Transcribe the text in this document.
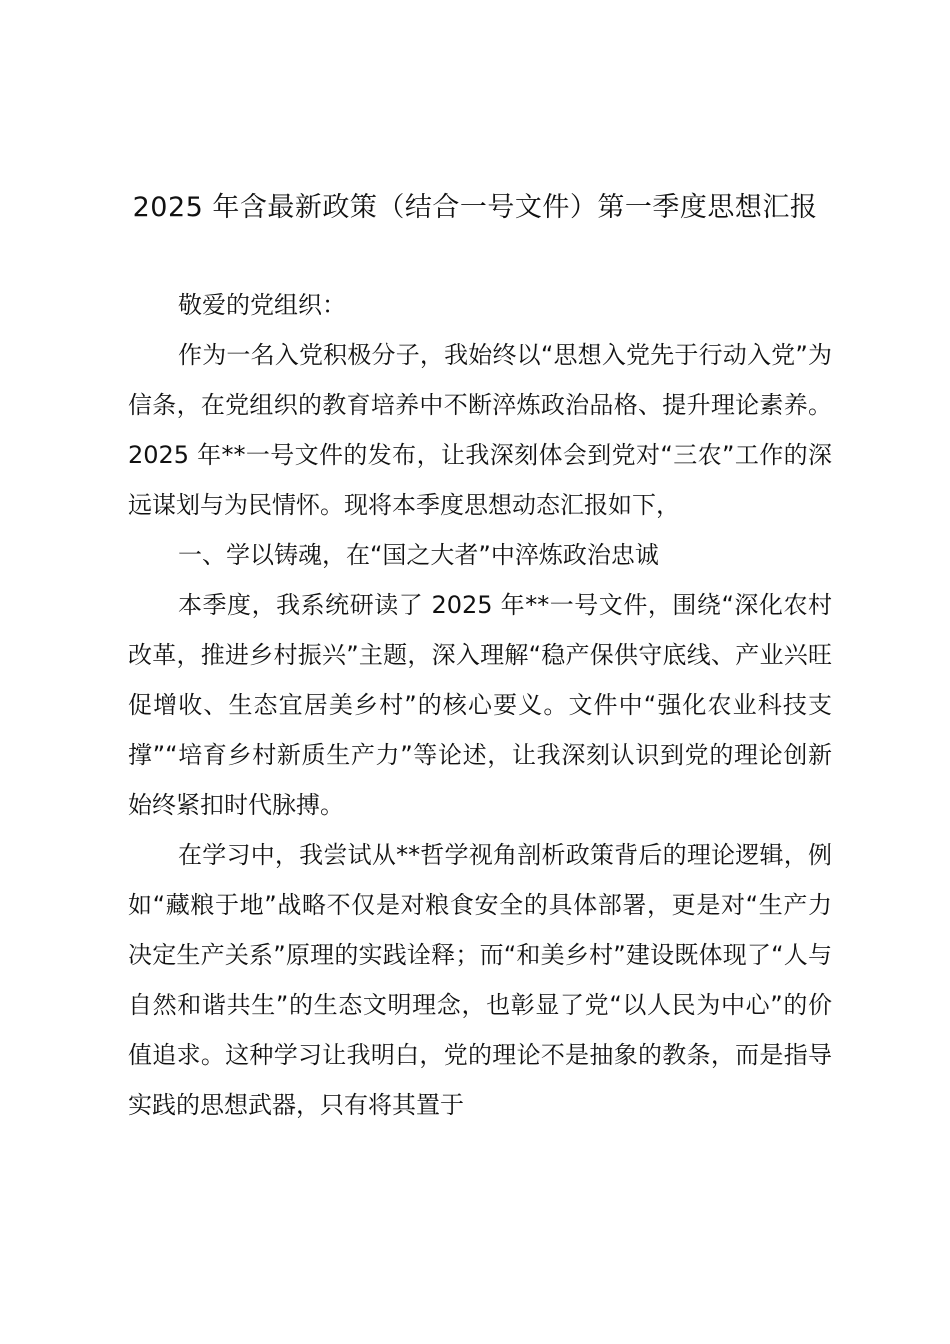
2025 年含最新政策（结合一号文件）第一季度思想汇报

敬爱的党组织：

作为一名入党积极分子，我始终以“思想入党先于行动入党”为信条，在党组织的教育培养中不断淬炼政治品格、提升理论素养。2025 年**一号文件的发布，让我深刻体会到党对“三农”工作的深远谋划与为民情怀。现将本季度思想动态汇报如下，

一、学以铸魂，在“国之大者”中淬炼政治忠诚

本季度，我系统研读了 2025 年**一号文件，围绕“深化农村改革，推进乡村振兴”主题，深入理解“稳产保供守底线、产业兴旺促增收、生态宜居美乡村”的核心要义。文件中“强化农业科技支撑”“培育乡村新质生产力”等论述，让我深刻认识到党的理论创新始终紧扣时代脉搏。

在学习中，我尝试从**哲学视角剖析政策背后的理论逻辑，例如“藏粮于地”战略不仅是对粮食安全的具体部署，更是对“生产力决定生产关系”原理的实践诠释；而“和美乡村”建设既体现了“人与自然和谐共生”的生态文明理念，也彰显了党“以人民为中心”的价值追求。这种学习让我明白，党的理论不是抽象的教条，而是指导实践的思想武器，只有将其置于
